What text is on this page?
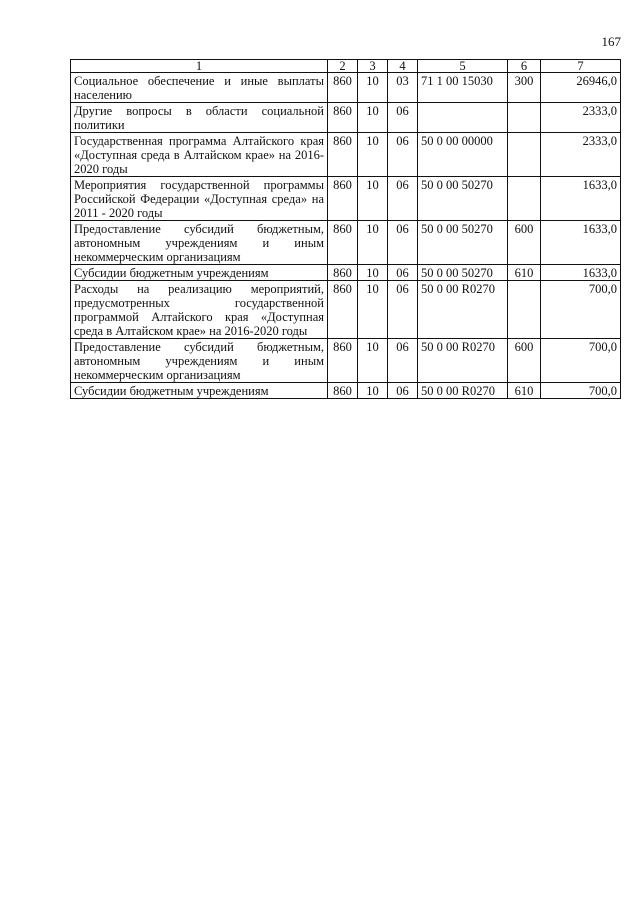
167
1	2	3	4	5	6	7
Социальное обеспечение и иные выплаты населению	860	10	03	71 1 00 15030	300	26946,0
Другие вопросы в области социальной политики	860	10	06			2333,0
Государственная программа Алтайского края «Доступная среда в Алтайском крае» на 2016-2020 годы	860	10	06	50 0 00 00000		2333,0
Мероприятия государственной программы Российской Федерации «Доступная среда» на 2011 - 2020 годы	860	10	06	50 0 00 50270		1633,0
Предоставление субсидий бюджетным, автономным учреждениям и иным некоммерческим организациям	860	10	06	50 0 00 50270	600	1633,0
Субсидии бюджетным учреждениям	860	10	06	50 0 00 50270	610	1633,0
Расходы на реализацию мероприятий, предусмотренных государственной программой Алтайского края «Доступная среда в Алтайском крае» на 2016-2020 годы	860	10	06	50 0 00 R0270		700,0
Предоставление субсидий бюджетным, автономным учреждениям и иным некоммерческим организациям	860	10	06	50 0 00 R0270	600	700,0
Субсидии бюджетным учреждениям	860	10	06	50 0 00 R0270	610	700,0
